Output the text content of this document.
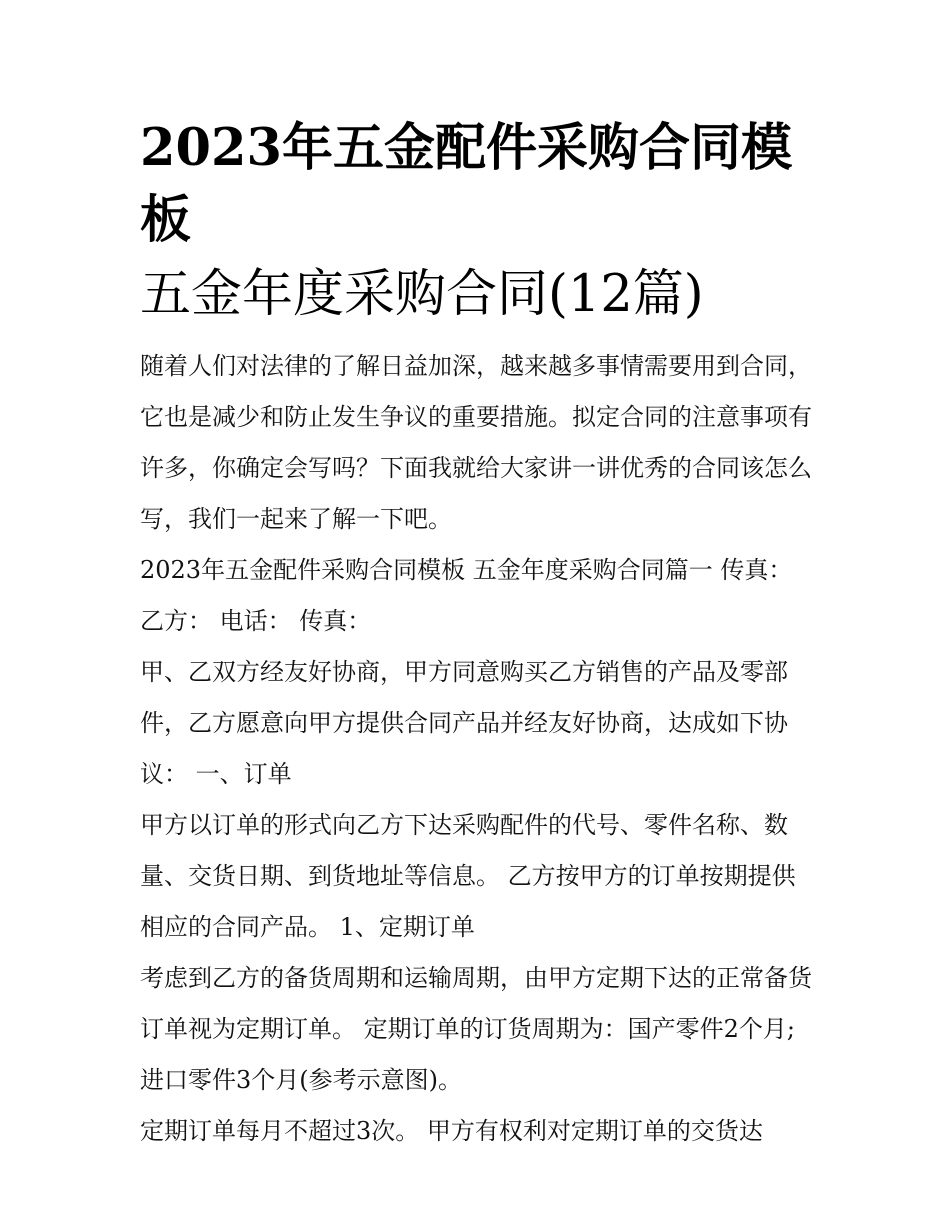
2023年五金配件采购合同模板
五金年度采购合同(12篇)

随着人们对法律的了解日益加深，越来越多事情需要用到合同，它也是减少和防止发生争议的重要措施。拟定合同的注意事项有许多，你确定会写吗？下面我就给大家讲一讲优秀的合同该怎么写，我们一起来了解一下吧。

2023年五金配件采购合同模板 五金年度采购合同篇一 传真：

乙方： 电话： 传真：

甲、乙双方经友好协商，甲方同意购买乙方销售的产品及零部件，乙方愿意向甲方提供合同产品并经友好协商，达成如下协议： 一、订单

甲方以订单的形式向乙方下达采购配件的代号、零件名称、数量、交货日期、到货地址等信息。 乙方按甲方的订单按期提供相应的合同产品。 1、定期订单

考虑到乙方的备货周期和运输周期，由甲方定期下达的正常备货订单视为定期订单。 定期订单的订货周期为：国产零件2个月;进口零件3个月(参考示意图)。

定期订单每月不超过3次。 甲方有权利对定期订单的交货达
